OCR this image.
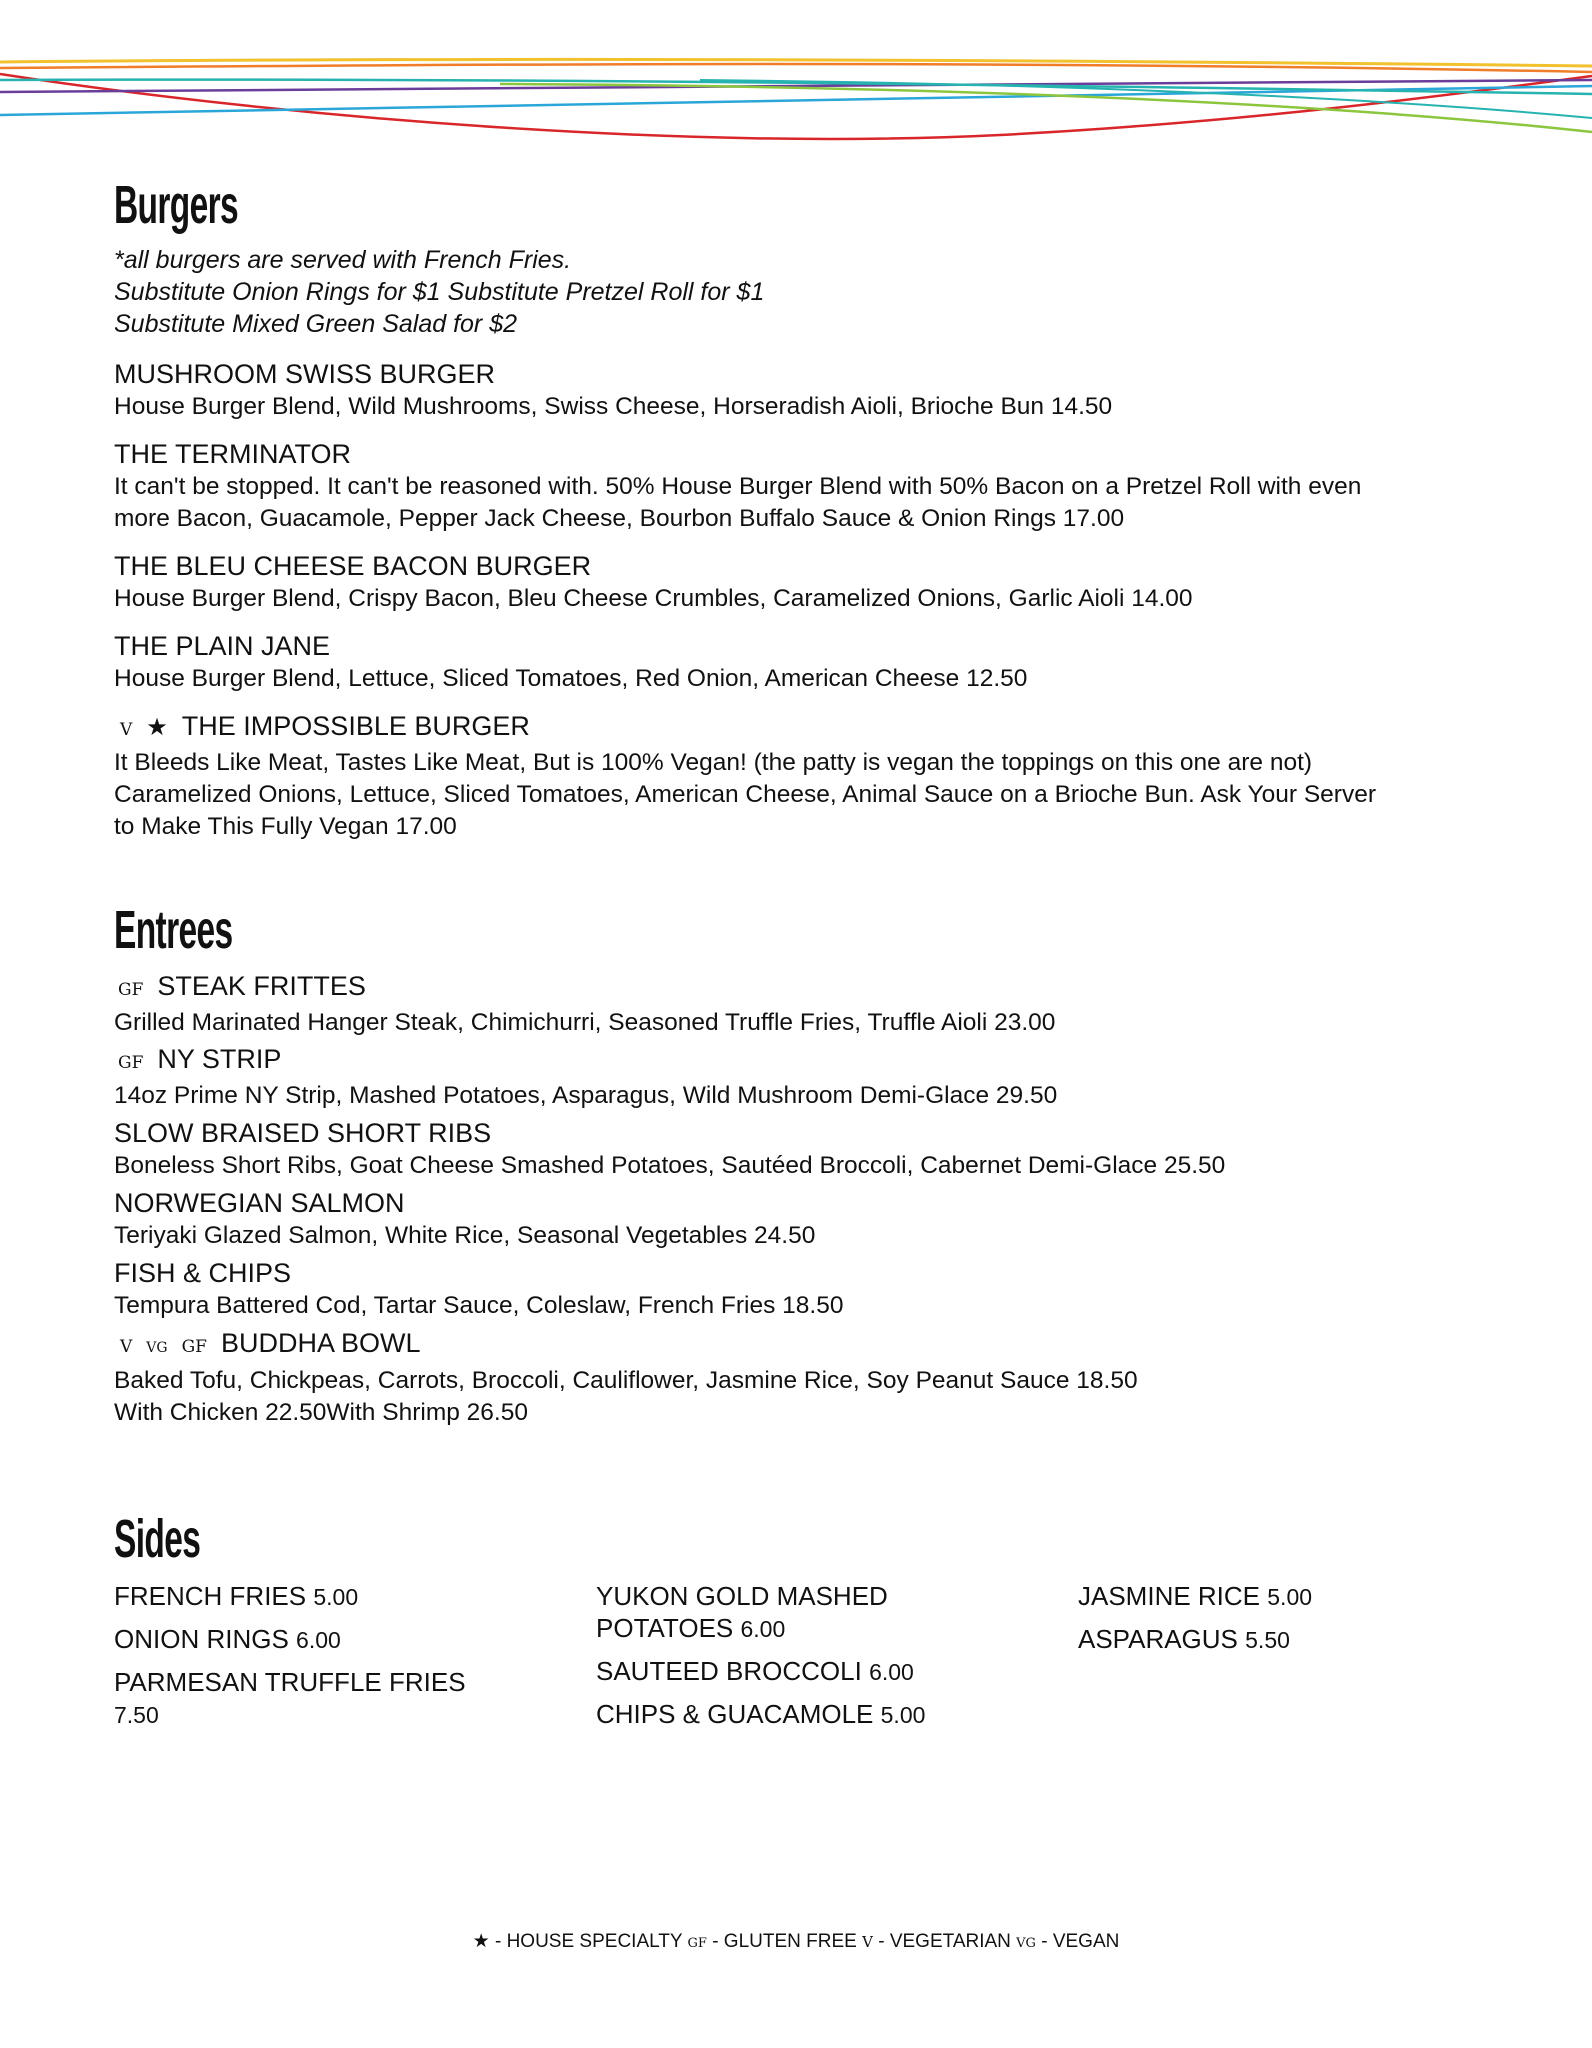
Burgers
*all burgers are served with French Fries.
Substitute Onion Rings for $1 Substitute Pretzel Roll for $1
Substitute Mixed Green Salad for $2
MUSHROOM SWISS BURGER
House Burger Blend, Wild Mushrooms, Swiss Cheese, Horseradish Aioli, Brioche Bun 14.50
THE TERMINATOR
It can't be stopped. It can't be reasoned with. 50% House Burger Blend with 50% Bacon on a Pretzel Roll with even
more Bacon, Guacamole, Pepper Jack Cheese, Bourbon Buffalo Sauce & Onion Rings 17.00
THE BLEU CHEESE BACON BURGER
House Burger Blend, Crispy Bacon, Bleu Cheese Crumbles, Caramelized Onions, Garlic Aioli 14.00
THE PLAIN JANE
House Burger Blend, Lettuce, Sliced Tomatoes, Red Onion, American Cheese 12.50
V ★ THE IMPOSSIBLE BURGER
It Bleeds Like Meat, Tastes Like Meat, But is 100% Vegan! (the patty is vegan the toppings on this one are not)
Caramelized Onions, Lettuce, Sliced Tomatoes, American Cheese, Animal Sauce on a Brioche Bun. Ask Your Server
to Make This Fully Vegan 17.00
Entrees
GF STEAK FRITTES
Grilled Marinated Hanger Steak, Chimichurri, Seasoned Truffle Fries, Truffle Aioli 23.00
GF NY STRIP
14oz Prime NY Strip, Mashed Potatoes, Asparagus, Wild Mushroom Demi-Glace 29.50
SLOW BRAISED SHORT RIBS
Boneless Short Ribs, Goat Cheese Smashed Potatoes, Sautéed Broccoli, Cabernet Demi-Glace 25.50
NORWEGIAN SALMON
Teriyaki Glazed Salmon, White Rice, Seasonal Vegetables 24.50
FISH & CHIPS
Tempura Battered Cod, Tartar Sauce, Coleslaw, French Fries 18.50
V VG GF BUDDHA BOWL
Baked Tofu, Chickpeas, Carrots, Broccoli, Cauliflower, Jasmine Rice, Soy Peanut Sauce 18.50
With Chicken 22.50With Shrimp 26.50
Sides
FRENCH FRIES 5.00
ONION RINGS 6.00
PARMESAN TRUFFLE FRIES 7.50
YUKON GOLD MASHED
POTATOES 6.00
SAUTEED BROCCOLI 6.00
CHIPS & GUACAMOLE 5.00
JASMINE RICE 5.00
ASPARAGUS 5.50
★ - HOUSE SPECIALTY GF - GLUTEN FREE V - VEGETARIAN VG - VEGAN
